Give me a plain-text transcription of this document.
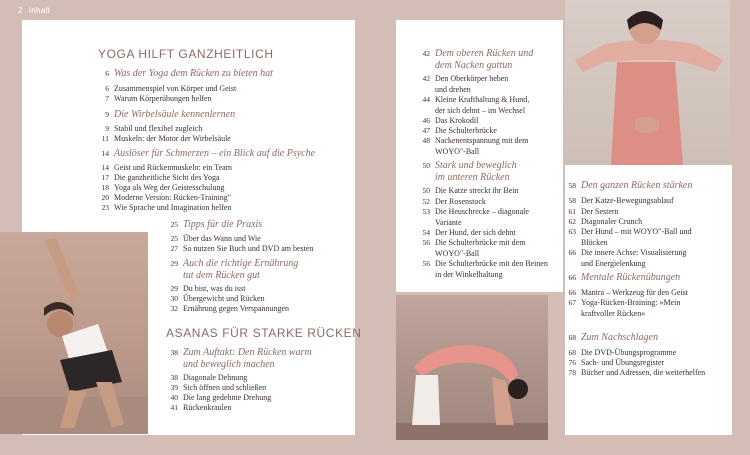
2 Inhalt
YOGA HILFT GANZHEITLICH
6 Was der Yoga dem Rücken zu bieten hat
6 Zusammenspiel von Körper und Geist
7 Warum Körperübungen helfen
9 Die Wirbelsäule kennenlernen
9 Stabil und flexibel zugleich
11 Muskeln: der Motor der Wirbelsäule
14 Auslöser für Schmerzen – ein Blick auf die Psyche
14 Geist und Rückenmuskeln: ein Team
17 Die ganzheitliche Sicht des Yoga
18 Yoga als Weg der Geistesschulung
20 Moderne Version: Rücken-Training"
23 Wie Sprache und Imagination helfen
25 Tipps für die Praxis
25 Über das Wann und Wie
27 So nutzen Sie Buch und DVD am besten
29 Auch die richtige Ernährung
tut dem Rücken gut
29 Du bist, was du isst
30 Übergewicht und Rücken
32 Ernährung gegen Verspannungen
ASANAS FÜR STARKE RÜCKEN
38 Zum Auftakt: Den Rücken warm
und beweglich machen
38 Diagonale Dehnung
39 Sich öffnen und schließen
40 Die lang gedehnte Drehung
41 Rückenkraulen
42 Dem oberen Rücken und
dem Nacken guttun
42 Den Oberkörper heben
und drehen
44 Kleine Krafthaltung & Hund,
der sich dehnt – im Wechsel
46 Das Krokodil
47 Die Schulterbrücke
48 Nackenentspannung mit dem
WOYO"-Ball
50 Stark und beweglich
im unteren Rücken
50 Die Katze streckt ihr Bein
52 Der Rosenstock
53 Die Heuschrecke – diagonale
Variante
54 Der Hund, der sich dehnt
56 Die Schulterbrücke mit dem
WOYO"-Ball
56 Die Schulterbrücke mit den Beinen
in der Winkelhaltung
58 Den ganzen Rücken stärken
58 Der Katze-Bewegungsablauf
61 Der Sestern
62 Diagonaler Crunch
63 Der Hund – mit WOYO"-Ball und
Blöcken
66 Die innere Achse: Visualisierung
und Energielenkung
66 Mentale Rückenübungen
66 Mantra – Werkzeug für den Geist
67 Yoga-Rücken-Braining: »Mein
kraftvoller Rücken«
68 Zum Nachschlagen
68 Die DVD-Übungsprogramme
76 Sach- und Übungsregister
78 Bücher und Adressen, die weiterhelfen
